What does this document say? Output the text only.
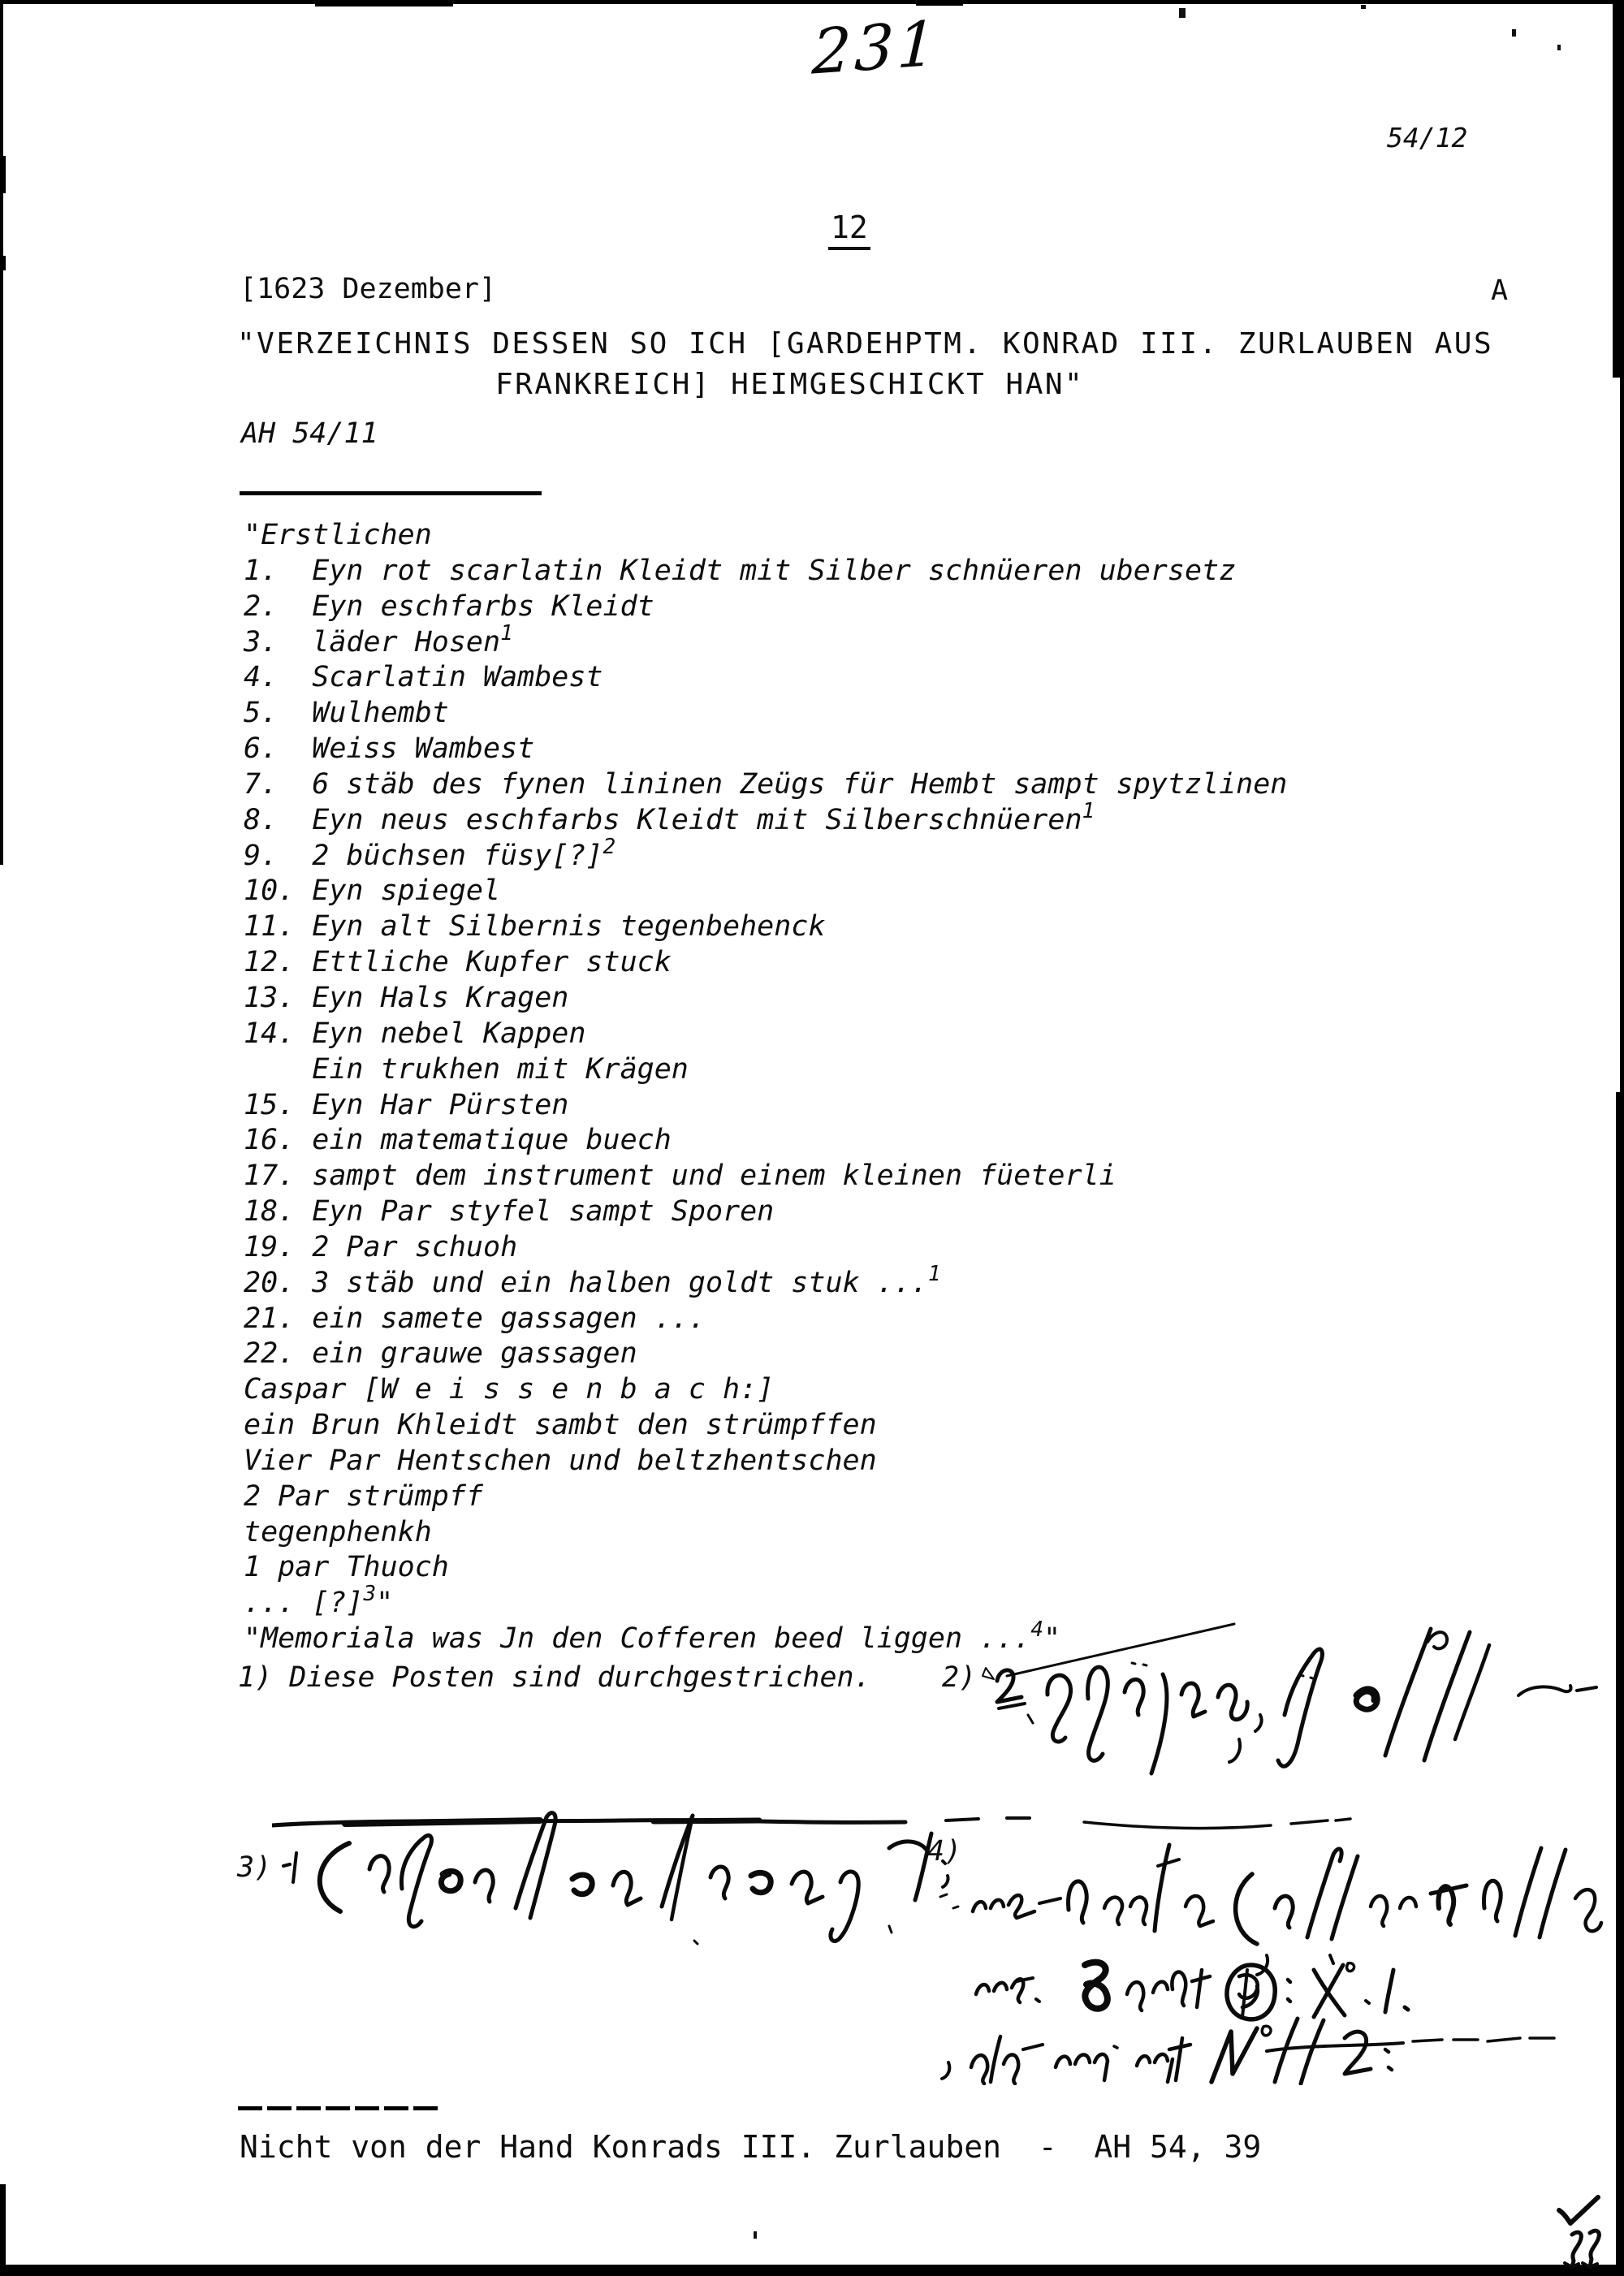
231
54/12
12
[1623 Dezember]	A
"VERZEICHNIS DESSEN SO ICH [GARDEHPTM. KONRAD III. ZURLAUBEN AUS
FRANKREICH] HEIMGESCHICKT HAN"
AH 54/11
"Erstlichen
1.  Eyn rot scarlatin Kleidt mit Silber schnüeren ubersetz
2.  Eyn eschfarbs Kleidt
3.  läder Hosen$^1$
4.  Scarlatin Wambest
5.  Wulhembt
6.  Weiss Wambest
7.  6 stäb des fynen lininen Zeügs für Hembt sampt spytzlinen
8.  Eyn neus eschfarbs Kleidt mit Silberschnüeren$^1$
9.  2 büchsen füsy[?]$^2$
10. Eyn spiegel
11. Eyn alt Silbernis tegenbehenck
12. Ettliche Kupfer stuck
13. Eyn Hals Kragen
14. Eyn nebel Kappen
Ein trukhen mit Krägen
15. Eyn Har Pürsten
16. ein matematique buech
17. sampt dem instrument und einem kleinen füeterli
18. Eyn Par styfel sampt Sporen
19. 2 Par schuoh
20. 3 stäb und ein halben goldt stuk ...$^1$
21. ein samete gassagen ...
22. ein grauwe gassagen
Caspar [W e i s s e n b a c h:]
ein Brun Khleidt sambt den strümpffen
Vier Par Hentschen und beltzhentschen
2 Par strümpff
tegenphenkh
1 par Thuoch
... [?]$^3$"
"Memoriala was Jn den Cofferen beed liggen ...$^4$"
1) Diese Posten sind durchgestrichen. 2)
3)	4)
Nicht von der Hand Konrads III. Zurlauben  -  AH 54, 39
